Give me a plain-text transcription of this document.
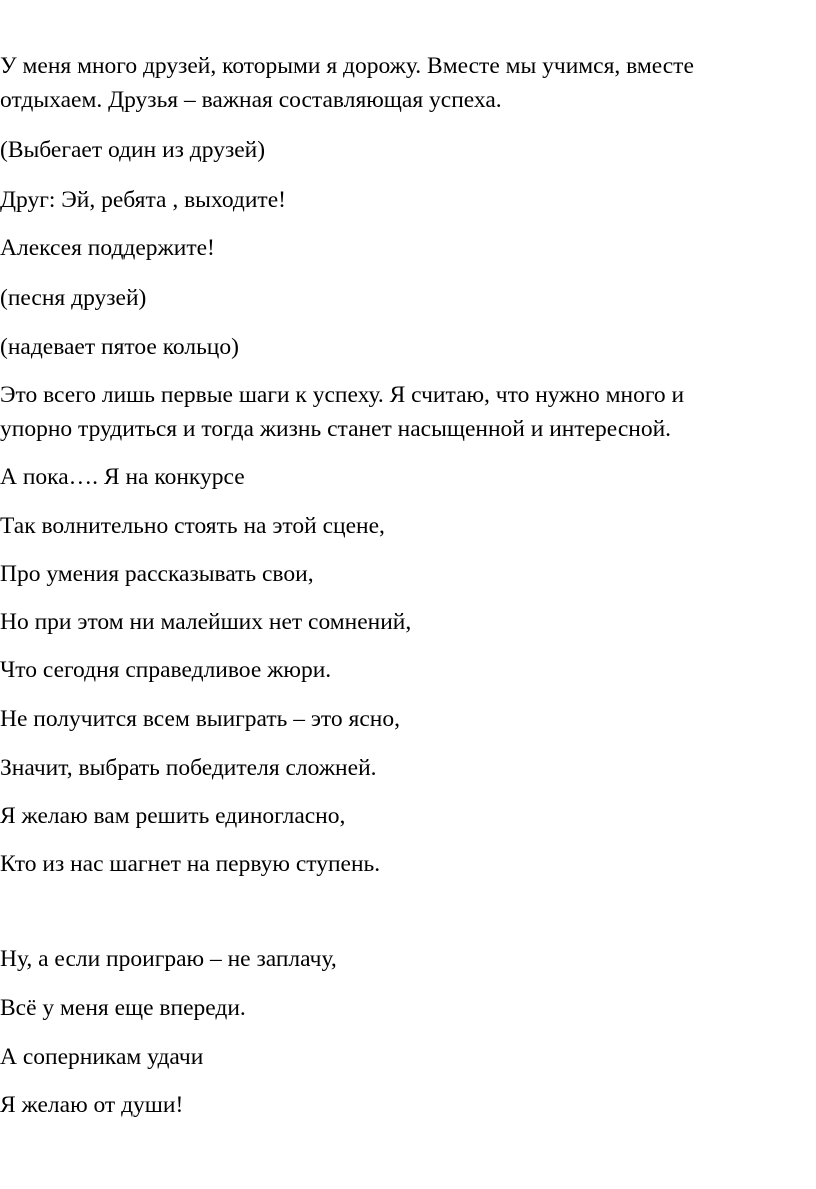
У меня много друзей, которыми я дорожу. Вместе мы учимся, вместе
отдыхаем. Друзья – важная составляющая успеха.
(Выбегает один из друзей)
Друг: Эй, ребята , выходите!
Алексея поддержите!
(песня друзей)
(надевает пятое кольцо)
Это всего лишь первые шаги к успеху. Я считаю, что нужно много и
упорно трудиться и тогда жизнь станет насыщенной и интересной.
А пока…. Я на конкурсе
Так волнительно стоять на этой сцене,
Про умения рассказывать свои,
Но при этом ни малейших нет сомнений,
Что сегодня справедливое жюри.
Не получится всем выиграть – это ясно,
Значит, выбрать победителя сложней.
Я желаю вам решить единогласно,
Кто из нас шагнет на первую ступень.
Ну, а если проиграю – не заплачу,
Всё у меня еще впереди.
А соперникам удачи
Я желаю от души!
